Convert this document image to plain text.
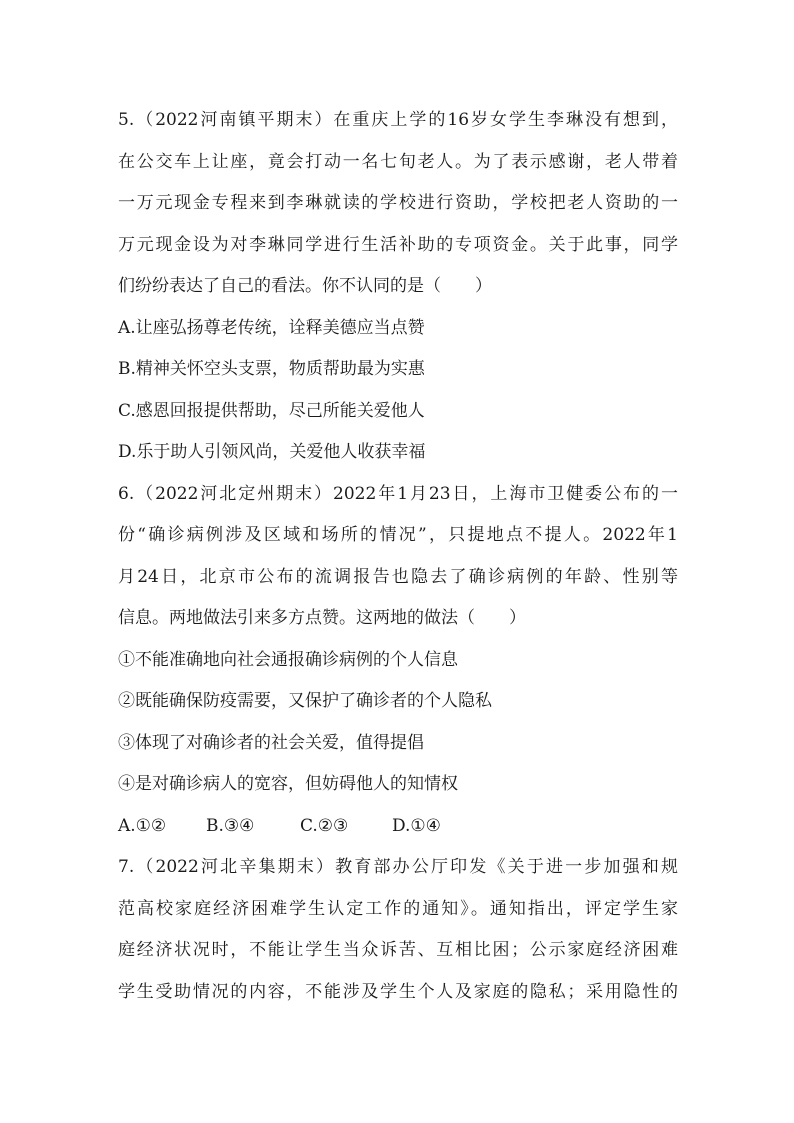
5.（2022河南镇平期末）在重庆上学的16岁女学生李琳没有想到，
在公交车上让座，竟会打动一名七旬老人。为了表示感谢，老人带着
一万元现金专程来到李琳就读的学校进行资助，学校把老人资助的一
万元现金设为对李琳同学进行生活补助的专项资金。关于此事，同学
们纷纷表达了自己的看法。你不认同的是（　　）
A.让座弘扬尊老传统，诠释美德应当点赞
B.精神关怀空头支票，物质帮助最为实惠
C.感恩回报提供帮助，尽己所能关爱他人
D.乐于助人引领风尚，关爱他人收获幸福
6.（2022河北定州期末）2022年1月23日，上海市卫健委公布的一
份“确诊病例涉及区域和场所的情况”，只提地点不提人。2022年1
月24日，北京市公布的流调报告也隐去了确诊病例的年龄、性别等
信息。两地做法引来多方点赞。这两地的做法（　　）
①不能准确地向社会通报确诊病例的个人信息
②既能确保防疫需要，又保护了确诊者的个人隐私
③体现了对确诊者的社会关爱，值得提倡
④是对确诊病人的宽容，但妨碍他人的知情权
A.①② B.③④	C.②③	D.①④
7.（2022河北辛集期末）教育部办公厅印发《关于进一步加强和规
范高校家庭经济困难学生认定工作的通知》。通知指出，评定学生家
庭经济状况时，不能让学生当众诉苦、互相比困；公示家庭经济困难
学生受助情况的内容，不能涉及学生个人及家庭的隐私；采用隐性的
